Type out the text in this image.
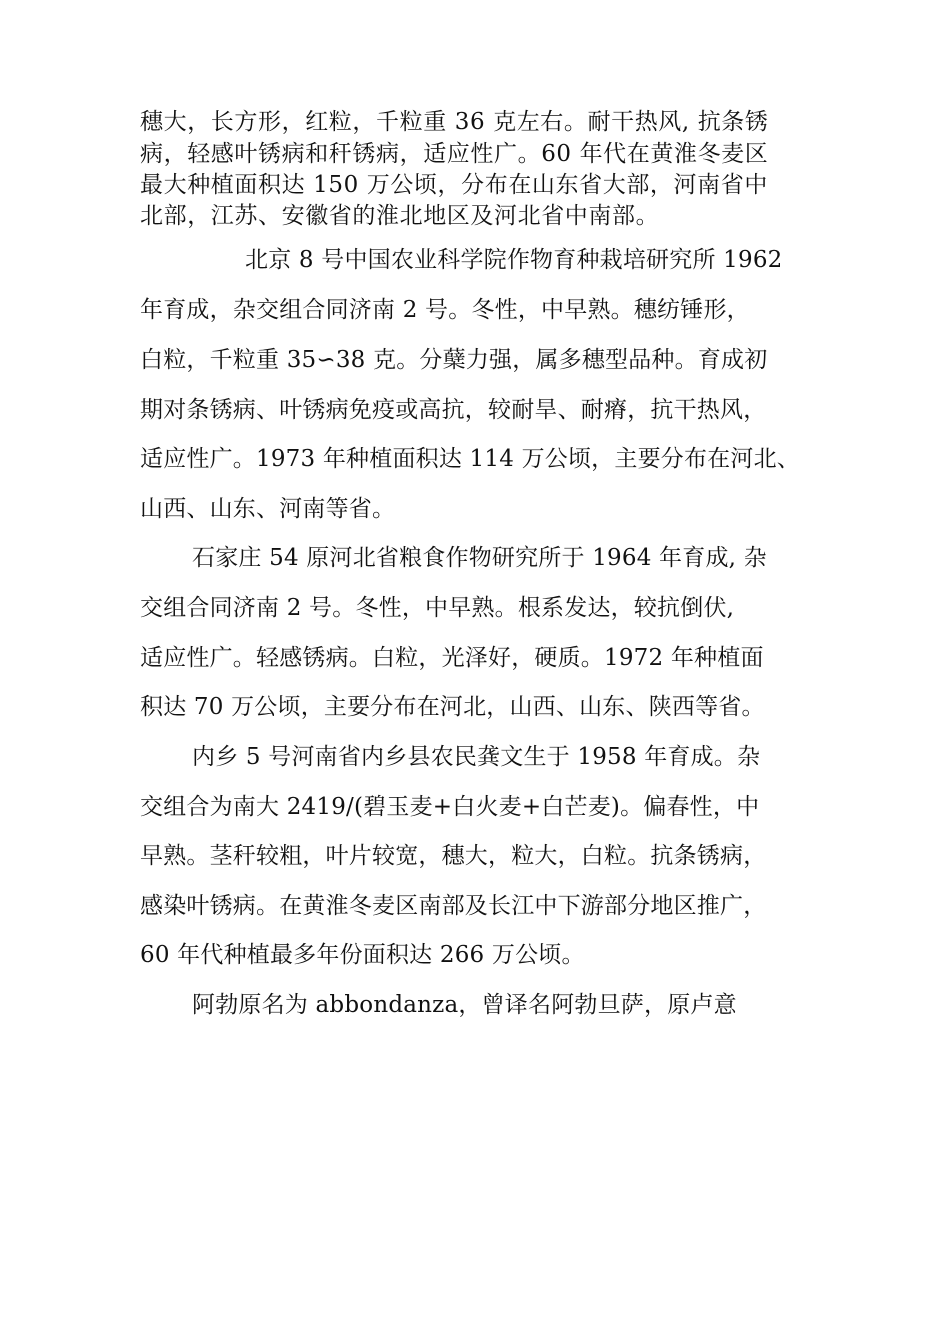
穗大，长方形，红粒，千粒重 36 克左右。耐干热风, 抗条锈
病，轻感叶锈病和秆锈病，适应性广。60 年代在黄淮冬麦区
最大种植面积达 150 万公顷，分布在山东省大部，河南省中
北部，江苏、安徽省的淮北地区及河北省中南部。
北京 8 号中国农业科学院作物育种栽培研究所 1962
年育成，杂交组合同济南 2 号。冬性，中早熟。穗纺锤形，
白粒，千粒重 35∽38 克。分蘖力强，属多穗型品种。育成初
期对条锈病、叶锈病免疫或高抗，较耐旱、耐瘠，抗干热风，
适应性广。1973 年种植面积达 114 万公顷，主要分布在河北、
山西、山东、河南等省。
石家庄 54 原河北省粮食作物研究所于 1964 年育成, 杂
交组合同济南 2 号。冬性，中早熟。根系发达，较抗倒伏,
适应性广。轻感锈病。白粒，光泽好，硬质。1972 年种植面
积达 70 万公顷，主要分布在河北，山西、山东、陕西等省。
内乡 5 号河南省内乡县农民龚文生于 1958 年育成。杂
交组合为南大 2419/(碧玉麦+白火麦+白芒麦)。偏春性，中
早熟。茎秆较粗，叶片较宽，穗大，粒大，白粒。抗条锈病，
感染叶锈病。在黄淮冬麦区南部及长江中下游部分地区推广，
60 年代种植最多年份面积达 266 万公顷。
阿勃原名为 abbondanza，曾译名阿勃旦萨，原卢意
